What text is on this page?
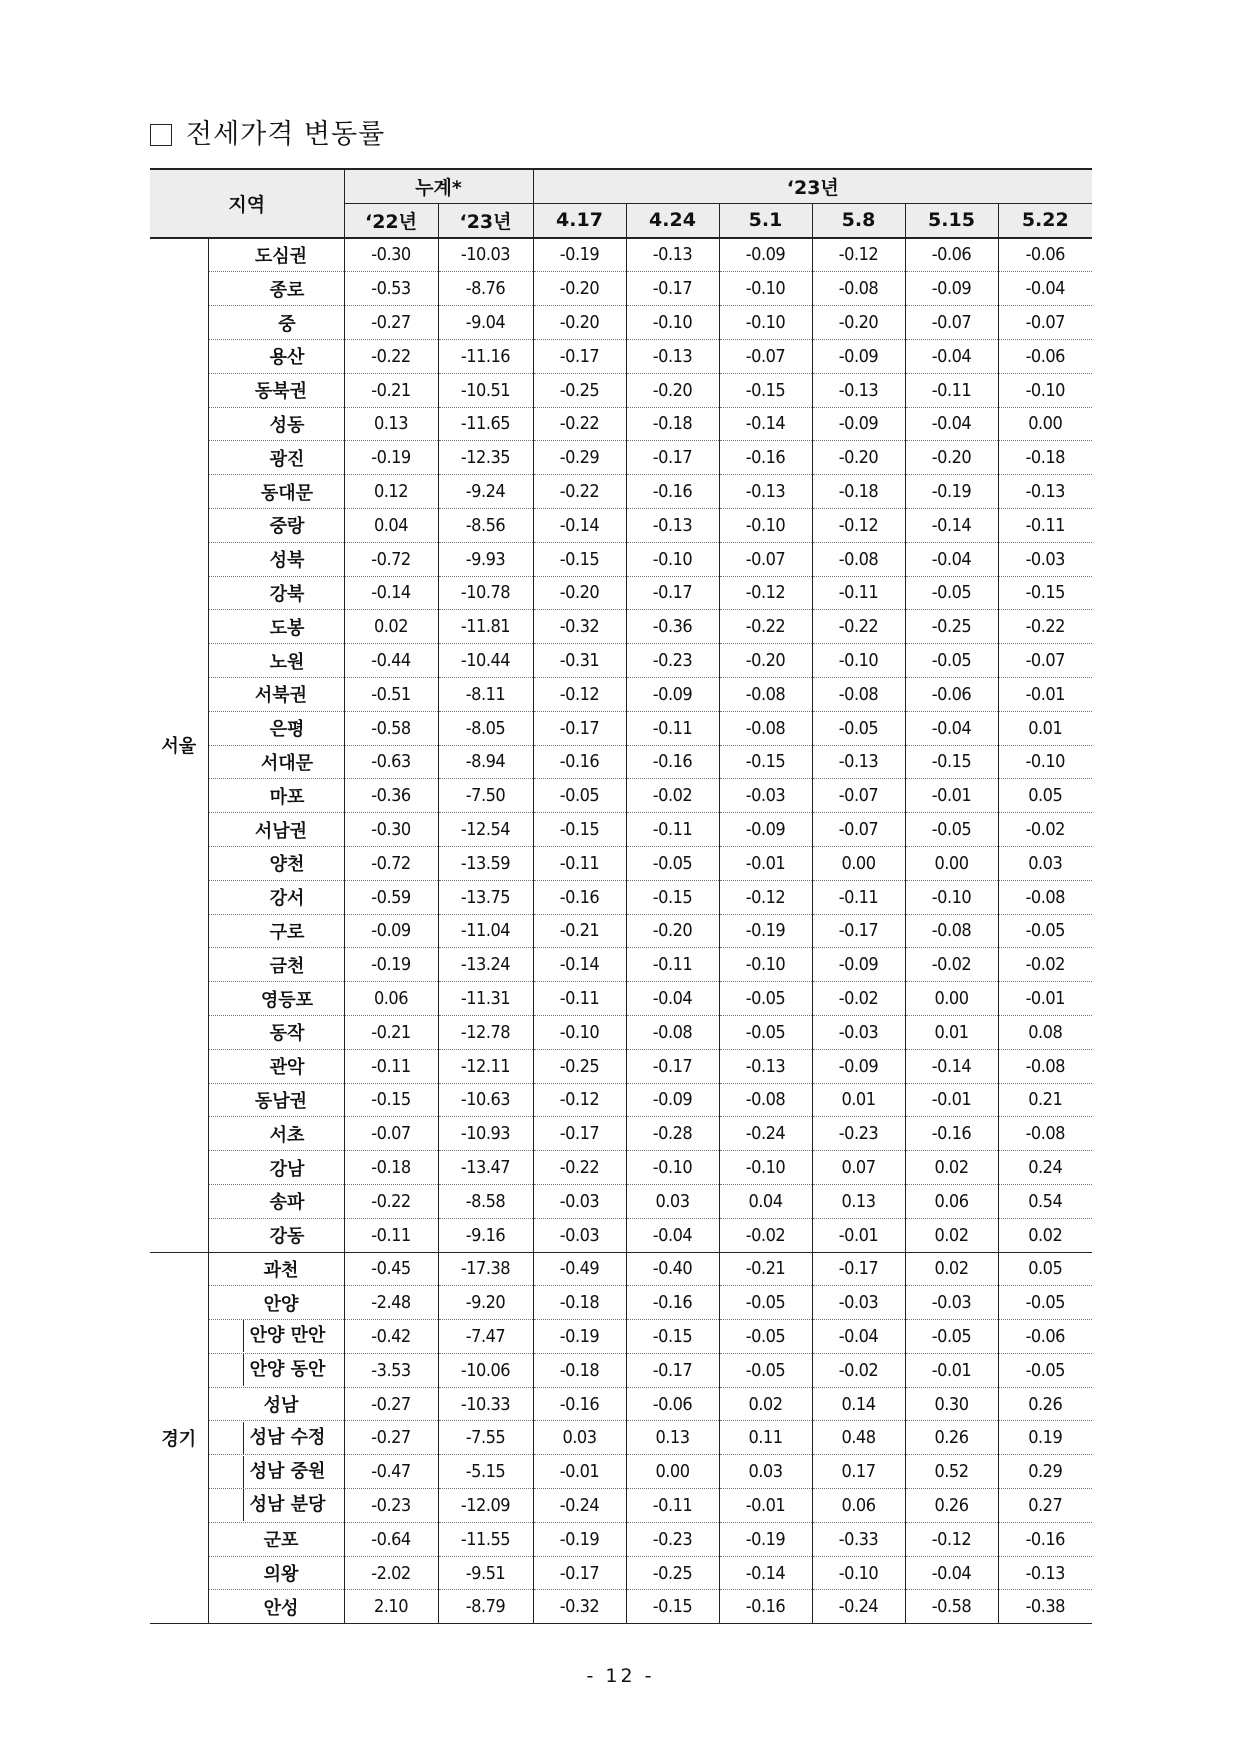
전세가격 변동률
지역		누계*		‘23년					
		‘22년	‘23년	4.17	4.24	5.1	5.8	5.15	5.22
서울	도심권	-0.30	-10.03	-0.19	-0.13	-0.09	-0.12	-0.06	-0.06
	종로	-0.53	-8.76	-0.20	-0.17	-0.10	-0.08	-0.09	-0.04
	중	-0.27	-9.04	-0.20	-0.10	-0.10	-0.20	-0.07	-0.07
	용산	-0.22	-11.16	-0.17	-0.13	-0.07	-0.09	-0.04	-0.06
	동북권	-0.21	-10.51	-0.25	-0.20	-0.15	-0.13	-0.11	-0.10
	성동	0.13	-11.65	-0.22	-0.18	-0.14	-0.09	-0.04	0.00
	광진	-0.19	-12.35	-0.29	-0.17	-0.16	-0.20	-0.20	-0.18
	동대문	0.12	-9.24	-0.22	-0.16	-0.13	-0.18	-0.19	-0.13
	중랑	0.04	-8.56	-0.14	-0.13	-0.10	-0.12	-0.14	-0.11
	성북	-0.72	-9.93	-0.15	-0.10	-0.07	-0.08	-0.04	-0.03
	강북	-0.14	-10.78	-0.20	-0.17	-0.12	-0.11	-0.05	-0.15
	도봉	0.02	-11.81	-0.32	-0.36	-0.22	-0.22	-0.25	-0.22
	노원	-0.44	-10.44	-0.31	-0.23	-0.20	-0.10	-0.05	-0.07
	서북권	-0.51	-8.11	-0.12	-0.09	-0.08	-0.08	-0.06	-0.01
	은평	-0.58	-8.05	-0.17	-0.11	-0.08	-0.05	-0.04	0.01
	서대문	-0.63	-8.94	-0.16	-0.16	-0.15	-0.13	-0.15	-0.10
	마포	-0.36	-7.50	-0.05	-0.02	-0.03	-0.07	-0.01	0.05
	서남권	-0.30	-12.54	-0.15	-0.11	-0.09	-0.07	-0.05	-0.02
	양천	-0.72	-13.59	-0.11	-0.05	-0.01	0.00	0.00	0.03
	강서	-0.59	-13.75	-0.16	-0.15	-0.12	-0.11	-0.10	-0.08
	구로	-0.09	-11.04	-0.21	-0.20	-0.19	-0.17	-0.08	-0.05
	금천	-0.19	-13.24	-0.14	-0.11	-0.10	-0.09	-0.02	-0.02
	영등포	0.06	-11.31	-0.11	-0.04	-0.05	-0.02	0.00	-0.01
	동작	-0.21	-12.78	-0.10	-0.08	-0.05	-0.03	0.01	0.08
	관악	-0.11	-12.11	-0.25	-0.17	-0.13	-0.09	-0.14	-0.08
	동남권	-0.15	-10.63	-0.12	-0.09	-0.08	0.01	-0.01	0.21
	서초	-0.07	-10.93	-0.17	-0.28	-0.24	-0.23	-0.16	-0.08
	강남	-0.18	-13.47	-0.22	-0.10	-0.10	0.07	0.02	0.24
	송파	-0.22	-8.58	-0.03	0.03	0.04	0.13	0.06	0.54
	강동	-0.11	-9.16	-0.03	-0.04	-0.02	-0.01	0.02	0.02
경기	과천	-0.45	-17.38	-0.49	-0.40	-0.21	-0.17	0.02	0.05
	안양	-2.48	-9.20	-0.18	-0.16	-0.05	-0.03	-0.03	-0.05
	안양 만안	-0.42	-7.47	-0.19	-0.15	-0.05	-0.04	-0.05	-0.06
	안양 동안	-3.53	-10.06	-0.18	-0.17	-0.05	-0.02	-0.01	-0.05
	성남	-0.27	-10.33	-0.16	-0.06	0.02	0.14	0.30	0.26
	성남 수정	-0.27	-7.55	0.03	0.13	0.11	0.48	0.26	0.19
	성남 중원	-0.47	-5.15	-0.01	0.00	0.03	0.17	0.52	0.29
	성남 분당	-0.23	-12.09	-0.24	-0.11	-0.01	0.06	0.26	0.27
	군포	-0.64	-11.55	-0.19	-0.23	-0.19	-0.33	-0.12	-0.16
	의왕	-2.02	-9.51	-0.17	-0.25	-0.14	-0.10	-0.04	-0.13
	안성	2.10	-8.79	-0.32	-0.15	-0.16	-0.24	-0.58	-0.38
- 12 -
